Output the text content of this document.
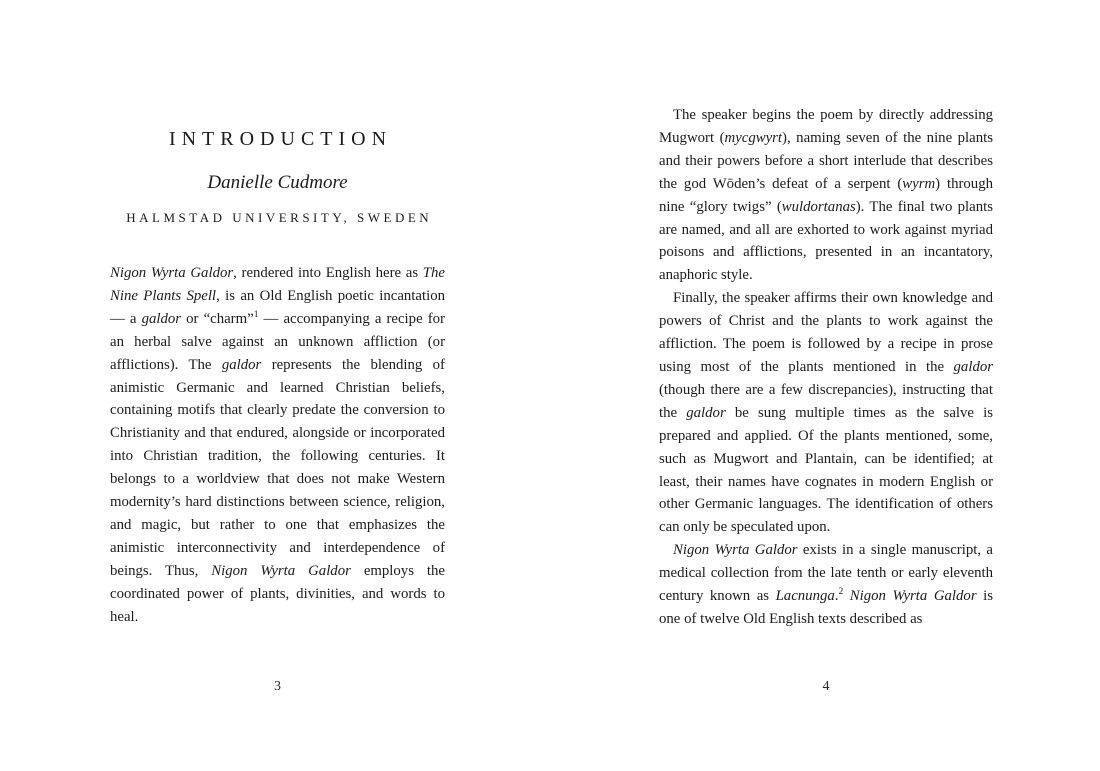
INTRODUCTION
Danielle Cudmore
HALMSTAD UNIVERSITY, SWEDEN

Nigon Wyrta Galdor, rendered into English here as The Nine Plants Spell, is an Old English poetic incantation — a galdor or “charm”$^1$ — accompanying a recipe for an herbal salve against an unknown affliction (or afflictions). The galdor represents the blending of animistic Germanic and learned Christian beliefs, containing motifs that clearly predate the conversion to Christianity and that endured, alongside or incorporated into Christian tradition, the following centuries. It belongs to a worldview that does not make Western modernity’s hard distinctions between science, religion, and magic, but rather to one that emphasizes the animistic interconnectivity and interdependence of beings. Thus, Nigon Wyrta Galdor employs the coordinated power of plants, divinities, and words to heal.

3

The speaker begins the poem by directly addressing Mugwort (mycgwyrt), naming seven of the nine plants and their powers before a short interlude that describes the god Wōden’s defeat of a serpent (wyrm) through nine “glory twigs” (wuldortanas). The final two plants are named, and all are exhorted to work against myriad poisons and afflictions, presented in an incantatory, anaphoric style.

Finally, the speaker affirms their own knowledge and powers of Christ and the plants to work against the affliction. The poem is followed by a recipe in prose using most of the plants mentioned in the galdor (though there are a few discrepancies), instructing that the galdor be sung multiple times as the salve is prepared and applied. Of the plants mentioned, some, such as Mugwort and Plantain, can be identified; at least, their names have cognates in modern English or other Germanic languages. The identification of others can only be speculated upon.

Nigon Wyrta Galdor exists in a single manuscript, a medical collection from the late tenth or early eleventh century known as Lacnunga.$^2$ Nigon Wyrta Galdor is one of twelve Old English texts described as

4
